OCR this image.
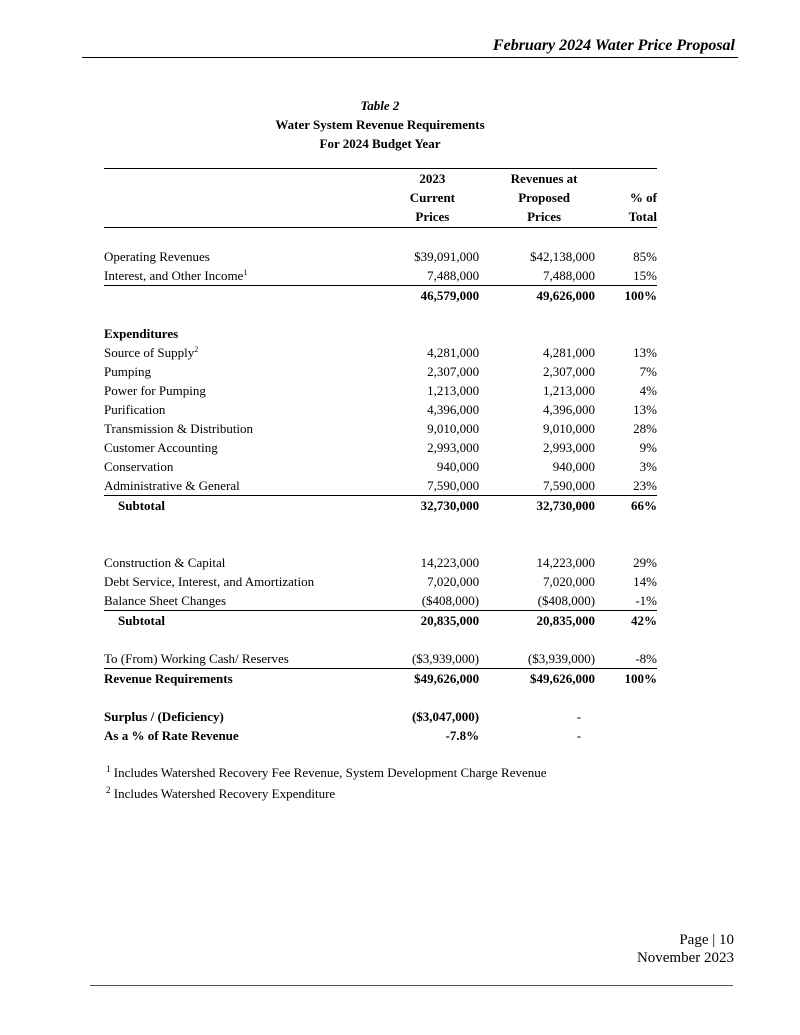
February 2024 Water Price Proposal
Table 2
Water System Revenue Requirements
For 2024 Budget Year
	2023	Revenues at	
	Current	Proposed	% of
	Prices	Prices	Total

Operating Revenues	$39,091,000	$42,138,000	85%
Interest, and Other Income$^1$	7,488,000	7,488,000	15%
	46,579,000	49,626,000	100%

Expenditures			
Source of Supply$^2$	4,281,000	4,281,000	13%
Pumping	2,307,000	2,307,000	7%
Power for Pumping	1,213,000	1,213,000	4%
Purification	4,396,000	4,396,000	13%
Transmission & Distribution	9,010,000	9,010,000	28%
Customer Accounting	2,993,000	2,993,000	9%
Conservation	940,000	940,000	3%
Administrative & General	7,590,000	7,590,000	23%
Subtotal	32,730,000	32,730,000	66%

Construction & Capital	14,223,000	14,223,000	29%
Debt Service, Interest, and Amortization	7,020,000	7,020,000	14%
Balance Sheet Changes	($408,000)	($408,000)	-1%
Subtotal	20,835,000	20,835,000	42%

To (From) Working Cash/ Reserves	($3,939,000)	($3,939,000)	-8%
Revenue Requirements	$49,626,000	$49,626,000	100%

Surplus / (Deficiency)	($3,047,000)	-	
As a % of Rate Revenue	-7.8%	-	
$^1$ Includes Watershed Recovery Fee Revenue, System Development Charge Revenue
$^2$ Includes Watershed Recovery Expenditure
Page | 10
November 2023
